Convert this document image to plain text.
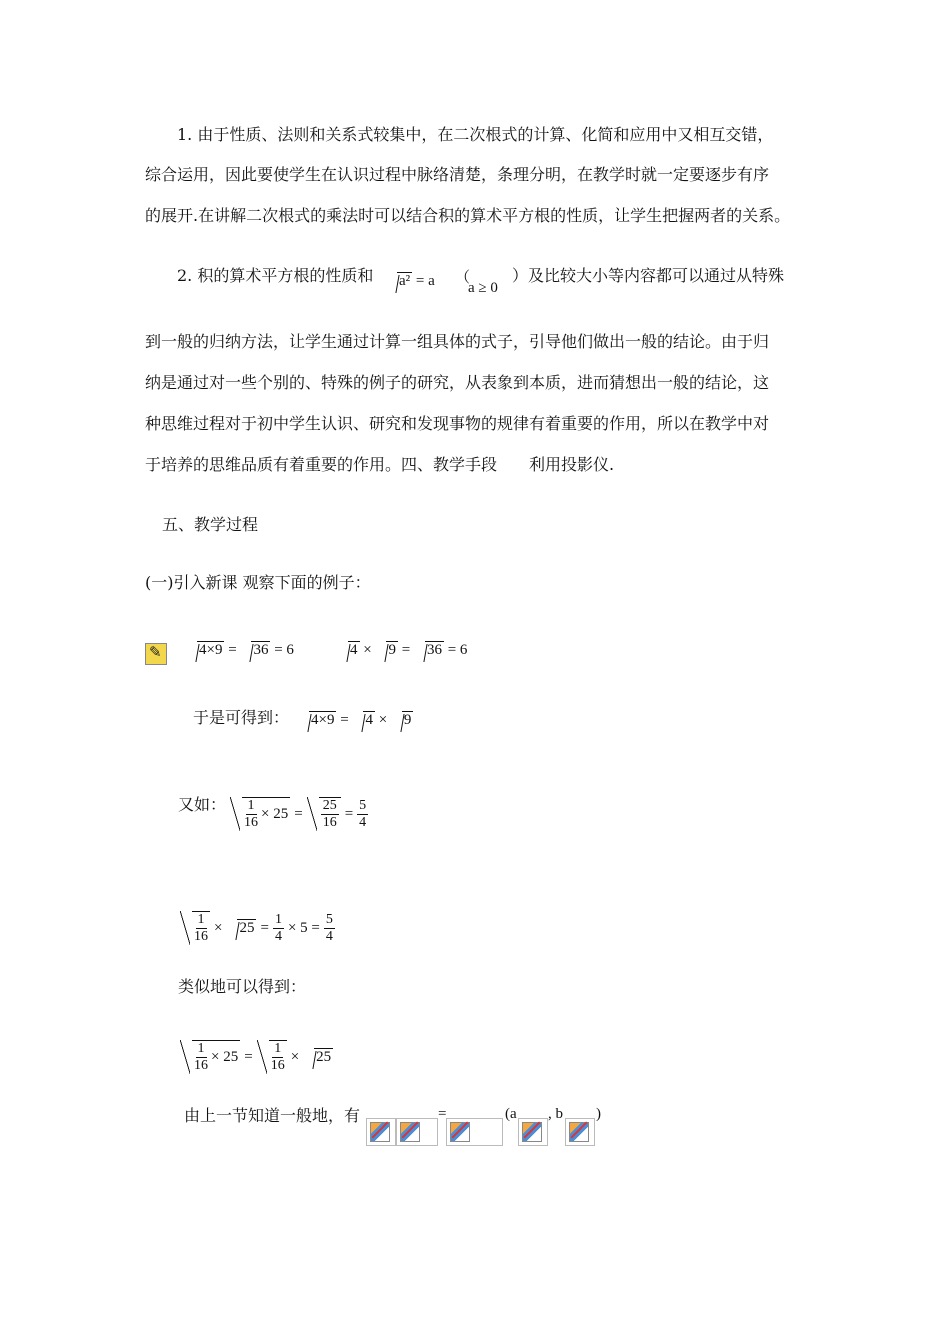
1. 由于性质、法则和关系式较集中，在二次根式的计算、化简和应用中又相互交错，
综合运用，因此要使学生在认识过程中脉络清楚，条理分明，在教学时就一定要逐步有序
的展开.在讲解二次根式的乘法时可以结合积的算术平方根的性质，让学生把握两者的关系。
2. 积的算术平方根的性质和	a² = a （
a ≥ 0
）及比较大小等内容都可以通过从特殊
到一般的归纳方法，让学生通过计算一组具体的式子，引导他们做出一般的结论。由于归
纳是通过对一些个别的、特殊的例子的研究，从表象到本质，进而猜想出一般的结论，这
种思维过程对于初中学生认识、研究和发现事物的规律有着重要的作用，所以在教学中对
于培养的思维品质有着重要的作用。四、教学手段　　利用投影仪.
五、教学过程
(一)引入新课 观察下面的例子：
✎
4×9 = 36 = 6	4 × 9 = 36 = 6
于是可得到：	4×9 = 4 × 9
又如： $\frac{1}{16} \times 25 = \frac{25}{16} = \frac{5}{4}$
$\frac{1}{16}$ ×	$25 = \frac{1}{4} \times 5 = \frac{5}{4}$
类似地可以得到：
$\frac{1}{16} \times 25 = \frac{1}{16}$ ×	25
由上一节知道一般地，有	=	(a , b )
